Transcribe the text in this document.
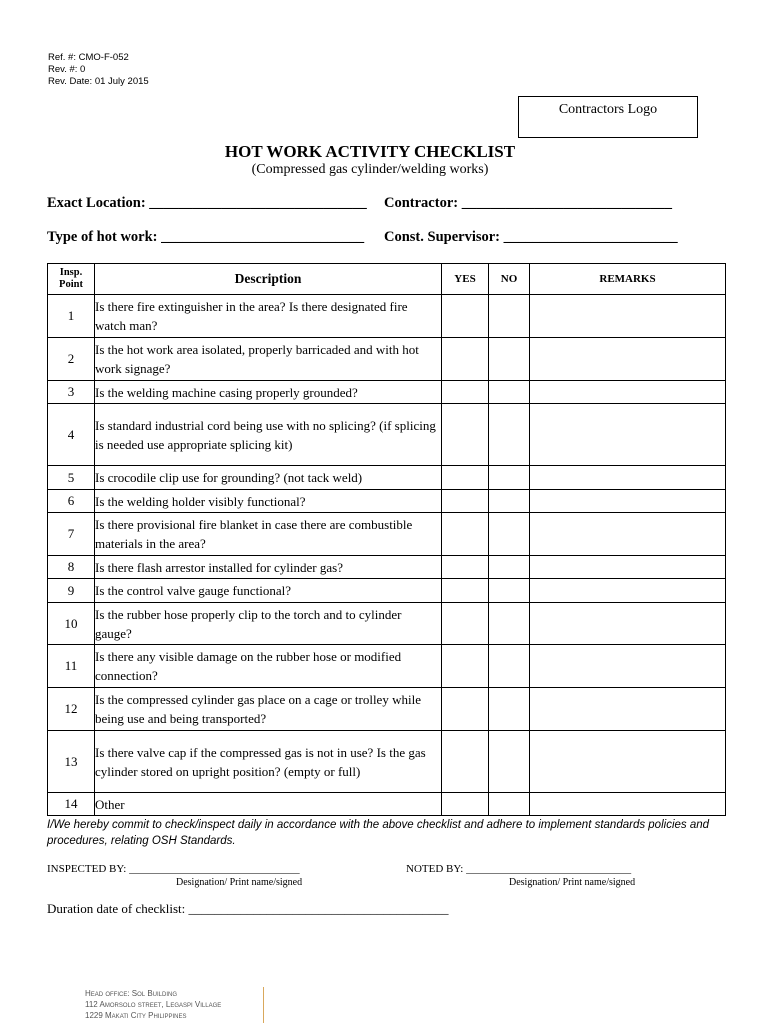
Ref. #: CMO-F-052
Rev. #: 0
Rev. Date: 01 July 2015
Contractors Logo
HOT WORK ACTIVITY CHECKLIST
(Compressed gas cylinder/welding works)
Exact Location: ______________________________ Contractor: _____________________________
Type of hot work: ____________________________ Const. Supervisor: ________________________
Insp. Point	Description	YES	NO	REMARKS
1	Is there fire extinguisher in the area? Is there designated fire watch man?			
2	Is the hot work area isolated, properly barricaded and with hot work signage?			
3	Is the welding machine casing properly grounded?			
4	Is standard industrial cord being use with no splicing? (if splicing is needed use appropriate splicing kit)			
5	Is crocodile clip use for grounding? (not tack weld)			
6	Is the welding holder visibly functional?			
7	Is there provisional fire blanket in case there are combustible materials in the area?			
8	Is there flash arrestor installed for cylinder gas?			
9	Is the control valve gauge functional?			
10	Is the rubber hose properly clip to the torch and to cylinder gauge?			
11	Is there any visible damage on the rubber hose or modified connection?			
12	Is the compressed cylinder gas place on a cage or trolley while being use and being transported?			
13	Is there valve cap if the compressed gas is not in use? Is the gas cylinder stored on upright position? (empty or full)			
14	Other			
I/We hereby commit to check/inspect daily in accordance with the above checklist and adhere to implement standards policies and procedures, relating OSH Standards.
INSPECTED BY: _______________________________
Designation/ Print name/signed
NOTED BY: ______________________________
Designation/ Print name/signed
Duration date of checklist: ________________________________________
Head office: Sol Building
112 Amorsolo street, Legaspi Village
1229 Makati City Philippines
